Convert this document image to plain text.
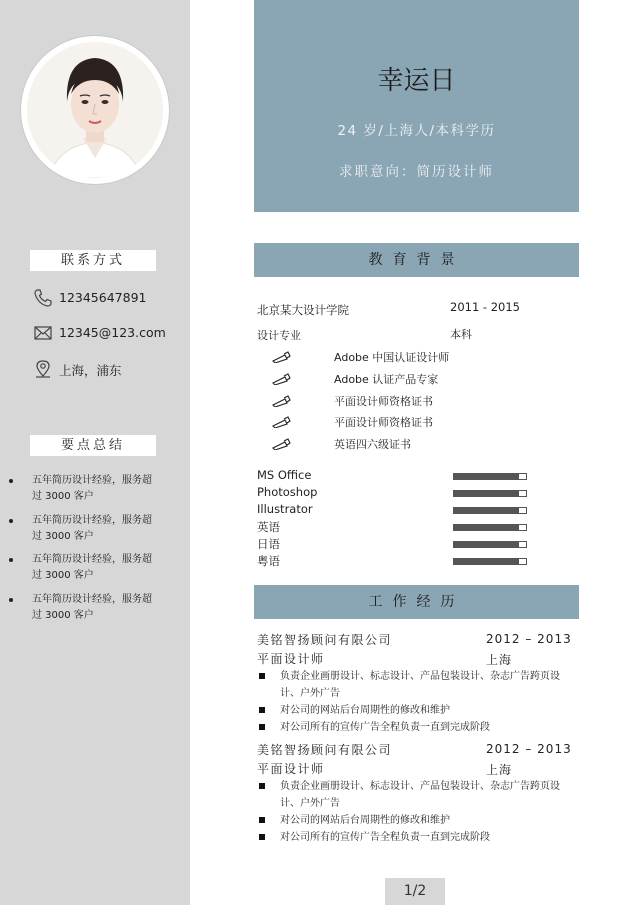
联系方式
12345647891
12345@123.com
上海，浦东
要点总结
五年简历设计经验，服务超
过 3000 客户
五年简历设计经验，服务超
过 3000 客户
五年简历设计经验，服务超
过 3000 客户
五年简历设计经验，服务超
过 3000 客户
幸运日
24 岁/上海人/本科学历
求职意向：简历设计师
教育背景
北京某大设计学院	2011 - 2015
设计专业	本科
Adobe 中国认证设计师
Adobe 认证产品专家
平面设计师资格证书
平面设计师资格证书
英语四六级证书
MS Office
Photoshop
Illustrator
英语
日语
粤语
工作经历
美铭智扬顾问有限公司	2012 – 2013
平面设计师	上海
负责企业画册设计、标志设计、产品包装设计、杂志广告跨页设计、户外广告
对公司的网站后台周期性的修改和维护
对公司所有的宣传广告全程负责一直到完成阶段
美铭智扬顾问有限公司	2012 – 2013
平面设计师	上海
负责企业画册设计、标志设计、产品包装设计、杂志广告跨页设计、户外广告
对公司的网站后台周期性的修改和维护
对公司所有的宣传广告全程负责一直到完成阶段
1/2
